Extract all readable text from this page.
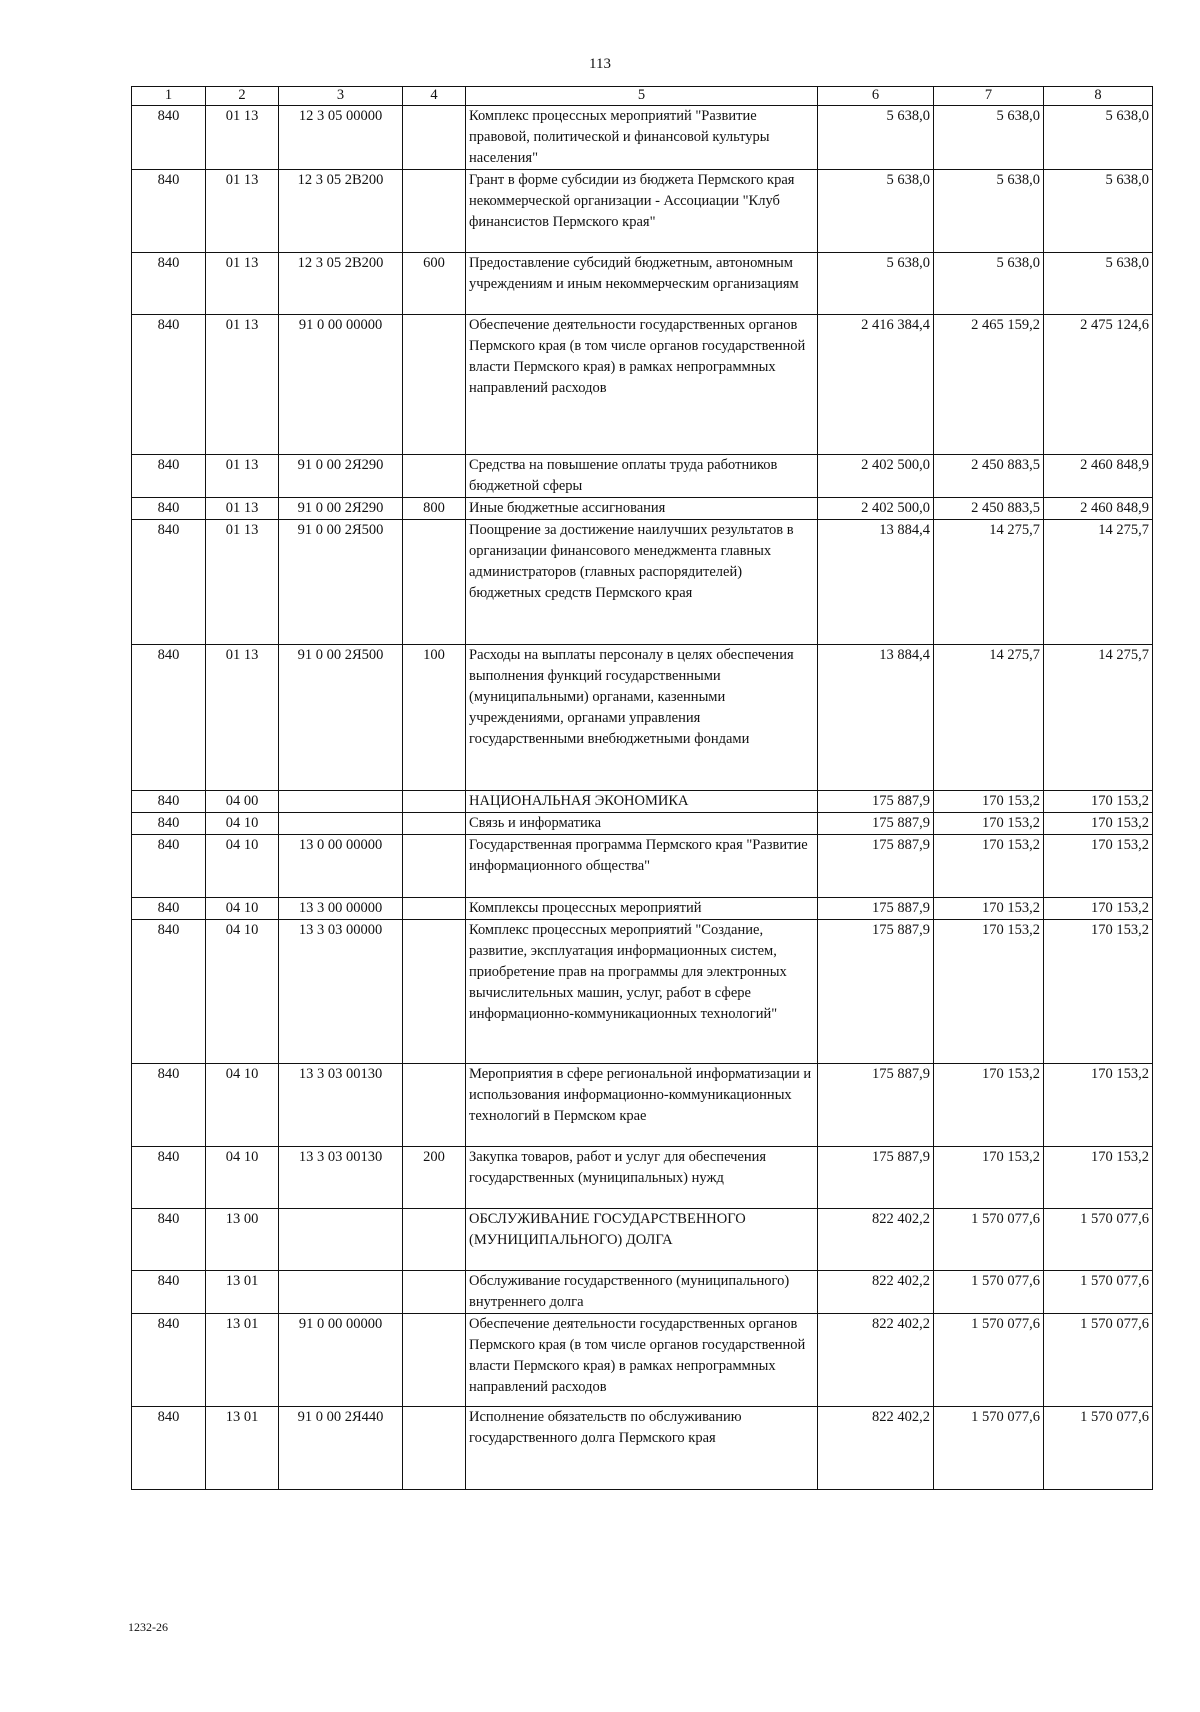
113
1	2	3	4	5	6	7	8
840	01 13	12 3 05 00000		Комплекс процессных мероприятий "Развитие правовой, политической и финансовой культуры населения"	5 638,0	5 638,0	5 638,0
840	01 13	12 3 05 2B200		Грант в форме субсидии из бюджета Пермского края некоммерческой организации - Ассоциации "Клуб финансистов Пермского края"	5 638,0	5 638,0	5 638,0
840	01 13	12 3 05 2B200	600	Предоставление субсидий бюджетным, автономным учреждениям и иным некоммерческим организациям	5 638,0	5 638,0	5 638,0
840	01 13	91 0 00 00000		Обеспечение деятельности государственных органов Пермского края (в том числе органов государственной власти Пермского края) в рамках непрограммных направлений расходов	2 416 384,4	2 465 159,2	2 475 124,6
840	01 13	91 0 00 2Я290		Средства на повышение оплаты труда работников бюджетной сферы	2 402 500,0	2 450 883,5	2 460 848,9
840	01 13	91 0 00 2Я290	800	Иные бюджетные ассигнования	2 402 500,0	2 450 883,5	2 460 848,9
840	01 13	91 0 00 2Я500		Поощрение за достижение наилучших результатов в организации финансового менеджмента главных администраторов (главных распорядителей) бюджетных средств Пермского края	13 884,4	14 275,7	14 275,7
840	01 13	91 0 00 2Я500	100	Расходы на выплаты персоналу в целях обеспечения выполнения функций государственными (муниципальными) органами, казенными учреждениями, органами управления государственными внебюджетными фондами	13 884,4	14 275,7	14 275,7
840	04 00			НАЦИОНАЛЬНАЯ ЭКОНОМИКА	175 887,9	170 153,2	170 153,2
840	04 10			Связь и информатика	175 887,9	170 153,2	170 153,2
840	04 10	13 0 00 00000		Государственная программа Пермского края "Развитие информационного общества"	175 887,9	170 153,2	170 153,2
840	04 10	13 3 00 00000		Комплексы процессных мероприятий	175 887,9	170 153,2	170 153,2
840	04 10	13 3 03 00000		Комплекс процессных мероприятий "Создание, развитие, эксплуатация информационных систем, приобретение прав на программы для электронных вычислительных машин, услуг, работ в сфере информационно-коммуникационных технологий"	175 887,9	170 153,2	170 153,2
840	04 10	13 3 03 00130		Мероприятия в сфере региональной информатизации и использования информационно-коммуникационных технологий в Пермском крае	175 887,9	170 153,2	170 153,2
840	04 10	13 3 03 00130	200	Закупка товаров, работ и услуг для обеспечения государственных (муниципальных) нужд	175 887,9	170 153,2	170 153,2
840	13 00			ОБСЛУЖИВАНИЕ ГОСУДАРСТВЕННОГО (МУНИЦИПАЛЬНОГО) ДОЛГА	822 402,2	1 570 077,6	1 570 077,6
840	13 01			Обслуживание государственного (муниципального) внутреннего долга	822 402,2	1 570 077,6	1 570 077,6
840	13 01	91 0 00 00000		Обеспечение деятельности государственных органов Пермского края (в том числе органов государственной власти Пермского края) в рамках непрограммных направлений расходов	822 402,2	1 570 077,6	1 570 077,6
840	13 01	91 0 00 2Я440		Исполнение обязательств по обслуживанию государственного долга Пермского края	822 402,2	1 570 077,6	1 570 077,6
1232-26
